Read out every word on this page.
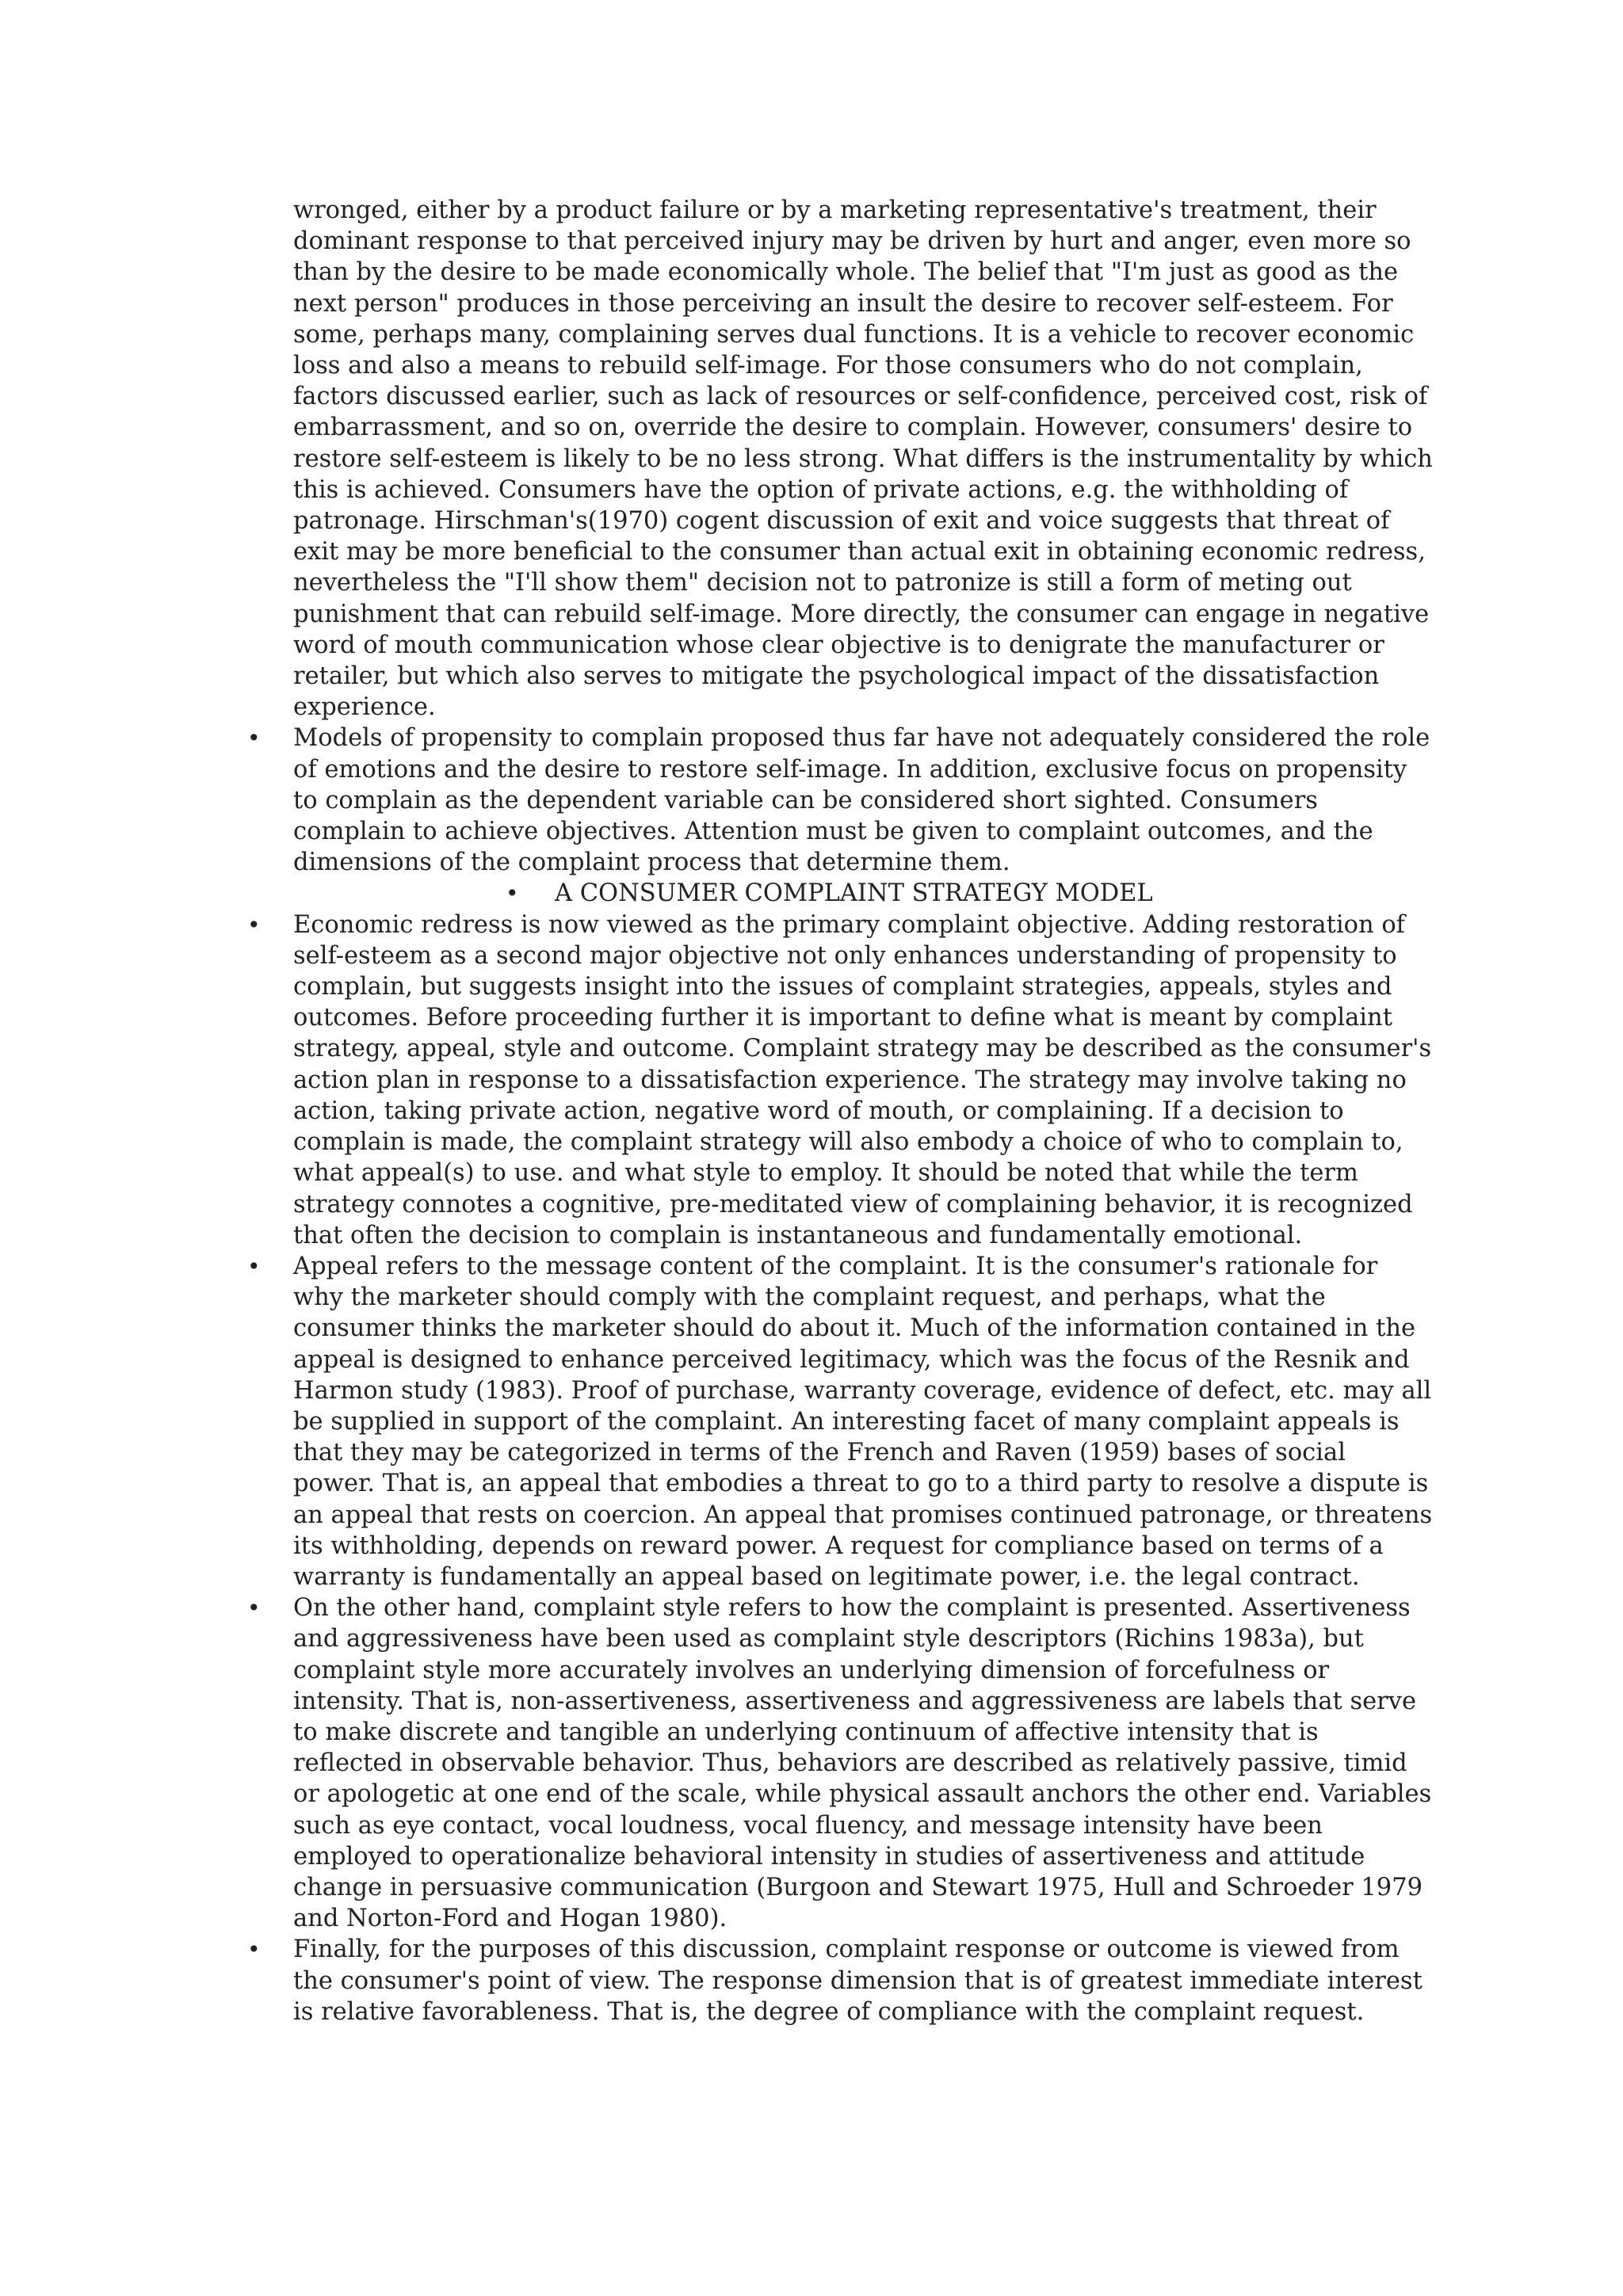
wronged, either by a product failure or by a marketing representative's treatment, their dominant response to that perceived injury may be driven by hurt and anger, even more so than by the desire to be made economically whole. The belief that "I'm just as good as the next person" produces in those perceiving an insult the desire to recover self-esteem. For some, perhaps many, complaining serves dual functions. It is a vehicle to recover economic loss and also a means to rebuild self-image. For those consumers who do not complain, factors discussed earlier, such as lack of resources or self-confidence, perceived cost, risk of embarrassment, and so on, override the desire to complain. However, consumers' desire to restore self-esteem is likely to be no less strong. What differs is the instrumentality by which this is achieved. Consumers have the option of private actions, e.g. the withholding of patronage. Hirschman's(1970) cogent discussion of exit and voice suggests that threat of exit may be more beneficial to the consumer than actual exit in obtaining economic redress, nevertheless the "I'll show them" decision not to patronize is still a form of meting out punishment that can rebuild self-image. More directly, the consumer can engage in negative word of mouth communication whose clear objective is to denigrate the manufacturer or retailer, but which also serves to mitigate the psychological impact of the dissatisfaction experience.

• Models of propensity to complain proposed thus far have not adequately considered the role of emotions and the desire to restore self-image. In addition, exclusive focus on propensity to complain as the dependent variable can be considered short sighted. Consumers complain to achieve objectives. Attention must be given to complaint outcomes, and the dimensions of the complaint process that determine them.
• A CONSUMER COMPLAINT STRATEGY MODEL
• Economic redress is now viewed as the primary complaint objective. Adding restoration of self-esteem as a second major objective not only enhances understanding of propensity to complain, but suggests insight into the issues of complaint strategies, appeals, styles and outcomes. Before proceeding further it is important to define what is meant by complaint strategy, appeal, style and outcome. Complaint strategy may be described as the consumer's action plan in response to a dissatisfaction experience. The strategy may involve taking no action, taking private action, negative word of mouth, or complaining. If a decision to complain is made, the complaint strategy will also embody a choice of who to complain to, what appeal(s) to use. and what style to employ. It should be noted that while the term strategy connotes a cognitive, pre-meditated view of complaining behavior, it is recognized that often the decision to complain is instantaneous and fundamentally emotional.
• Appeal refers to the message content of the complaint. It is the consumer's rationale for why the marketer should comply with the complaint request, and perhaps, what the consumer thinks the marketer should do about it. Much of the information contained in the appeal is designed to enhance perceived legitimacy, which was the focus of the Resnik and Harmon study (1983). Proof of purchase, warranty coverage, evidence of defect, etc. may all be supplied in support of the complaint. An interesting facet of many complaint appeals is that they may be categorized in terms of the French and Raven (1959) bases of social power. That is, an appeal that embodies a threat to go to a third party to resolve a dispute is an appeal that rests on coercion. An appeal that promises continued patronage, or threatens its withholding, depends on reward power. A request for compliance based on terms of a warranty is fundamentally an appeal based on legitimate power, i.e. the legal contract.
• On the other hand, complaint style refers to how the complaint is presented. Assertiveness and aggressiveness have been used as complaint style descriptors (Richins 1983a), but complaint style more accurately involves an underlying dimension of forcefulness or intensity. That is, non-assertiveness, assertiveness and aggressiveness are labels that serve to make discrete and tangible an underlying continuum of affective intensity that is reflected in observable behavior. Thus, behaviors are described as relatively passive, timid or apologetic at one end of the scale, while physical assault anchors the other end. Variables such as eye contact, vocal loudness, vocal fluency, and message intensity have been employed to operationalize behavioral intensity in studies of assertiveness and attitude change in persuasive communication (Burgoon and Stewart 1975, Hull and Schroeder 1979 and Norton-Ford and Hogan 1980).
• Finally, for the purposes of this discussion, complaint response or outcome is viewed from the consumer's point of view. The response dimension that is of greatest immediate interest is relative favorableness. That is, the degree of compliance with the complaint request.
